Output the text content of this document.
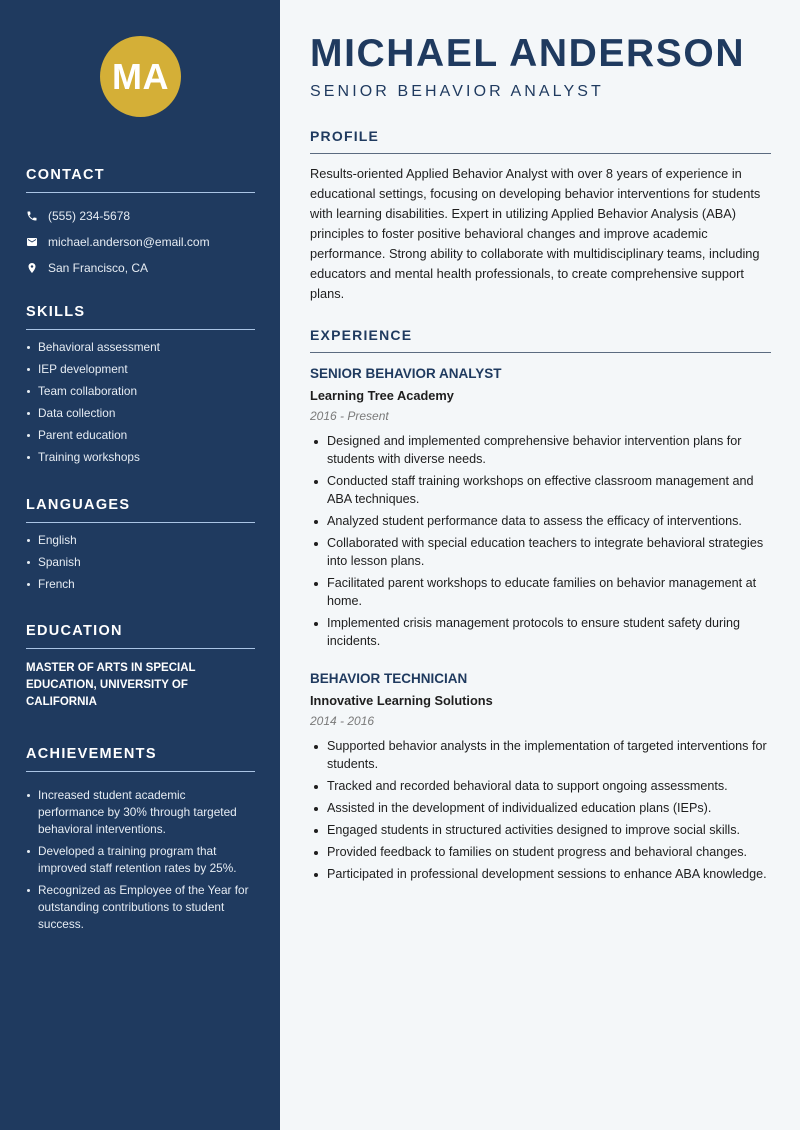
MA
CONTACT
(555) 234-5678
michael.anderson@email.com
San Francisco, CA
SKILLS
Behavioral assessment
IEP development
Team collaboration
Data collection
Parent education
Training workshops
LANGUAGES
English
Spanish
French
EDUCATION

MASTER OF ARTS IN SPECIAL EDUCATION, UNIVERSITY OF CALIFORNIA

ACHIEVEMENTS
Increased student academic performance by 30% through targeted behavioral interventions.
Developed a training program that improved staff retention rates by 25%.
Recognized as Employee of the Year for outstanding contributions to student success.
MICHAEL ANDERSON
SENIOR BEHAVIOR ANALYST
PROFILE

Results-oriented Applied Behavior Analyst with over 8 years of experience in educational settings, focusing on developing behavior interventions for students with learning disabilities. Expert in utilizing Applied Behavior Analysis (ABA) principles to foster positive behavioral changes and improve academic performance. Strong ability to collaborate with multidisciplinary teams, including educators and mental health professionals, to create comprehensive support plans.

EXPERIENCE
SENIOR BEHAVIOR ANALYST
Learning Tree Academy
2016 - Present
Designed and implemented comprehensive behavior intervention plans for students with diverse needs.
Conducted staff training workshops on effective classroom management and ABA techniques.
Analyzed student performance data to assess the efficacy of interventions.
Collaborated with special education teachers to integrate behavioral strategies into lesson plans.
Facilitated parent workshops to educate families on behavior management at home.
Implemented crisis management protocols to ensure student safety during incidents.
BEHAVIOR TECHNICIAN
Innovative Learning Solutions
2014 - 2016
Supported behavior analysts in the implementation of targeted interventions for students.
Tracked and recorded behavioral data to support ongoing assessments.
Assisted in the development of individualized education plans (IEPs).
Engaged students in structured activities designed to improve social skills.
Provided feedback to families on student progress and behavioral changes.
Participated in professional development sessions to enhance ABA knowledge.
